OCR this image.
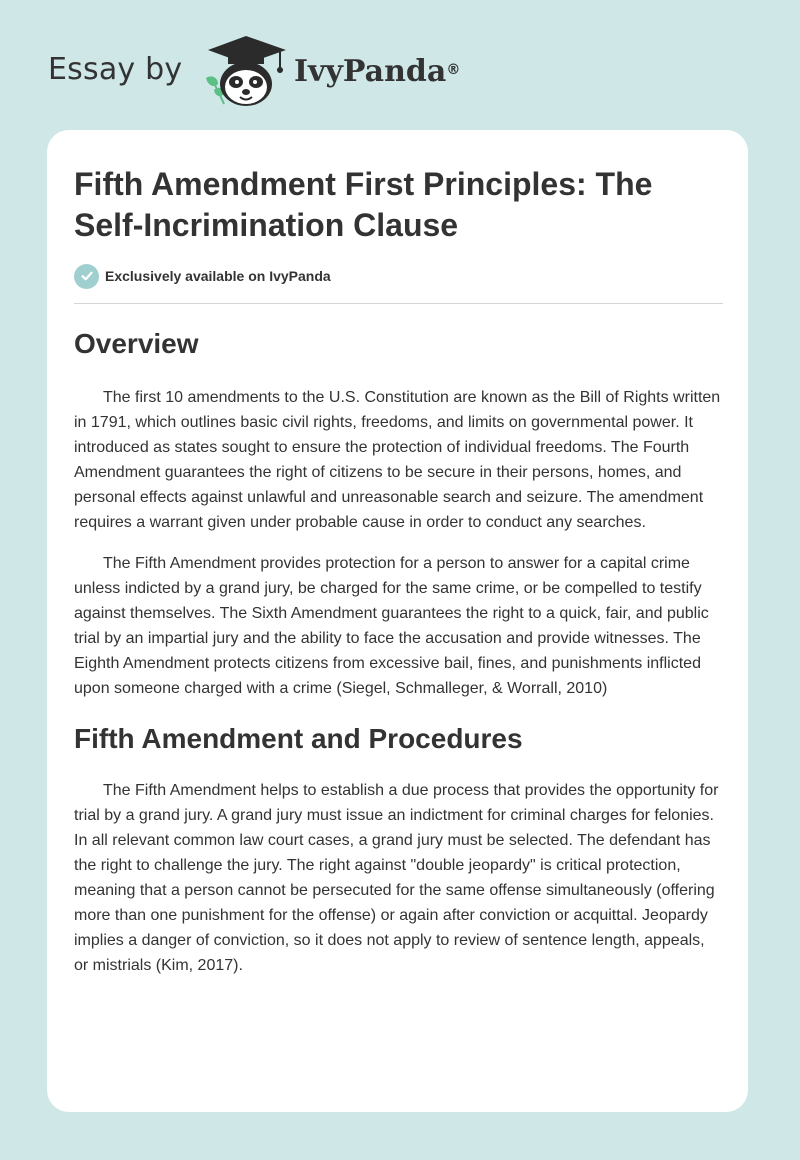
Essay by	IvyPanda®
Fifth Amendment First Principles: The Self-Incrimination Clause
Exclusively available on IvyPanda
Overview

The first 10 amendments to the U.S. Constitution are known as the Bill of Rights written in 1791, which outlines basic civil rights, freedoms, and limits on governmental power. It introduced as states sought to ensure the protection of individual freedoms. The Fourth Amendment guarantees the right of citizens to be secure in their persons, homes, and personal effects against unlawful and unreasonable search and seizure. The amendment requires a warrant given under probable cause in order to conduct any searches.

The Fifth Amendment provides protection for a person to answer for a capital crime unless indicted by a grand jury, be charged for the same crime, or be compelled to testify against themselves. The Sixth Amendment guarantees the right to a quick, fair, and public trial by an impartial jury and the ability to face the accusation and provide witnesses. The Eighth Amendment protects citizens from excessive bail, fines, and punishments inflicted upon someone charged with a crime (Siegel, Schmalleger, & Worrall, 2010)

Fifth Amendment and Procedures

The Fifth Amendment helps to establish a due process that provides the opportunity for trial by a grand jury. A grand jury must issue an indictment for criminal charges for felonies. In all relevant common law court cases, a grand jury must be selected. The defendant has the right to challenge the jury. The right against "double jeopardy" is critical protection, meaning that a person cannot be persecuted for the same offense simultaneously (offering more than one punishment for the offense) or again after conviction or acquittal. Jeopardy implies a danger of conviction, so it does not apply to review of sentence length, appeals, or mistrials (Kim, 2017).
